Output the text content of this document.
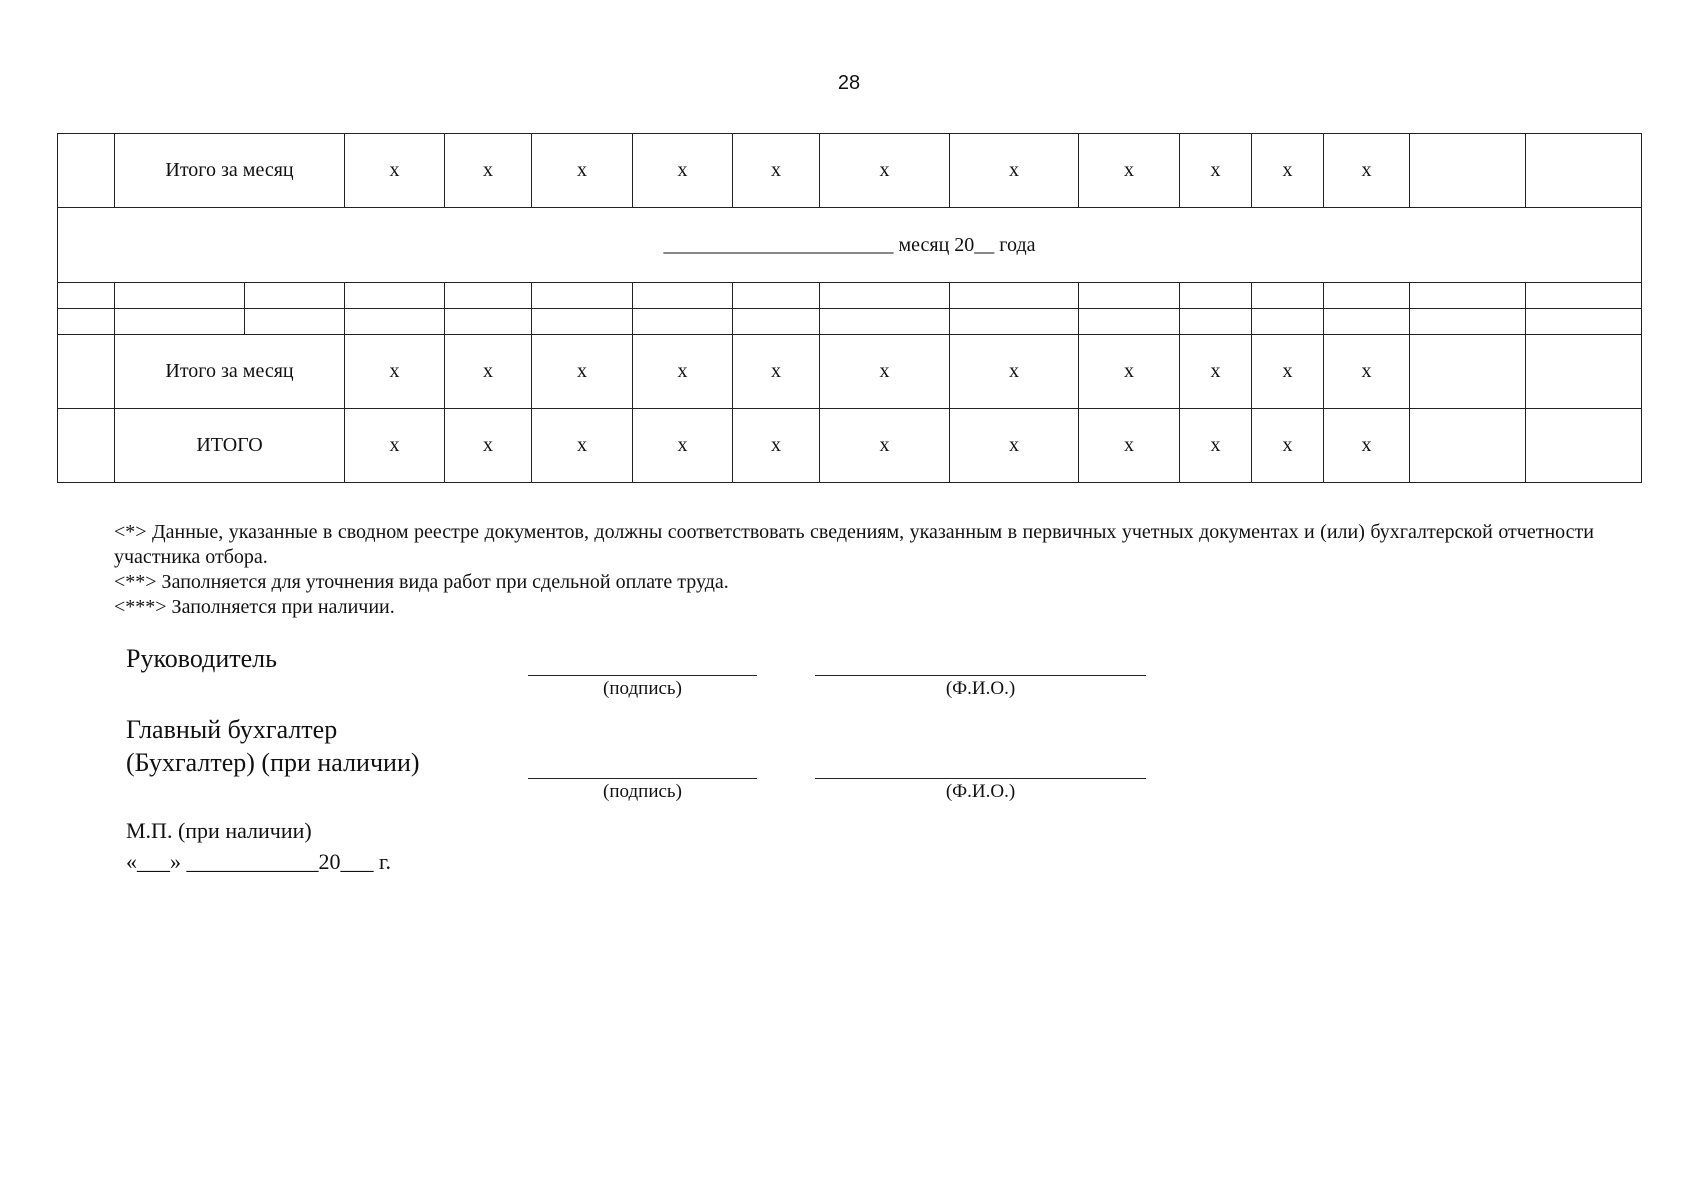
28
	Итого за месяц		х	х	х	х	х	х	х	х	х	х	х		
_______________________ месяц 20__ года															

	Итого за месяц		х	х	х	х	х	х	х	х	х	х	х		
	ИТОГО		х	х	х	х	х	х	х	х	х	х	х		

<*> Данные, указанные в сводном реестре документов, должны соответствовать сведениям, указанным в первичных учетных документах и (или) бухгалтерской отчетности участника отбора.

<**> Заполняется для уточнения вида работ при сдельной оплате труда.

<***> Заполняется при наличии.

Руководитель
(подпись)	(Ф.И.О.)
Главный бухгалтер
(Бухгалтер) (при наличии)
(подпись)	(Ф.И.О.)
М.П. (при наличии)
«___» ____________20___ г.
